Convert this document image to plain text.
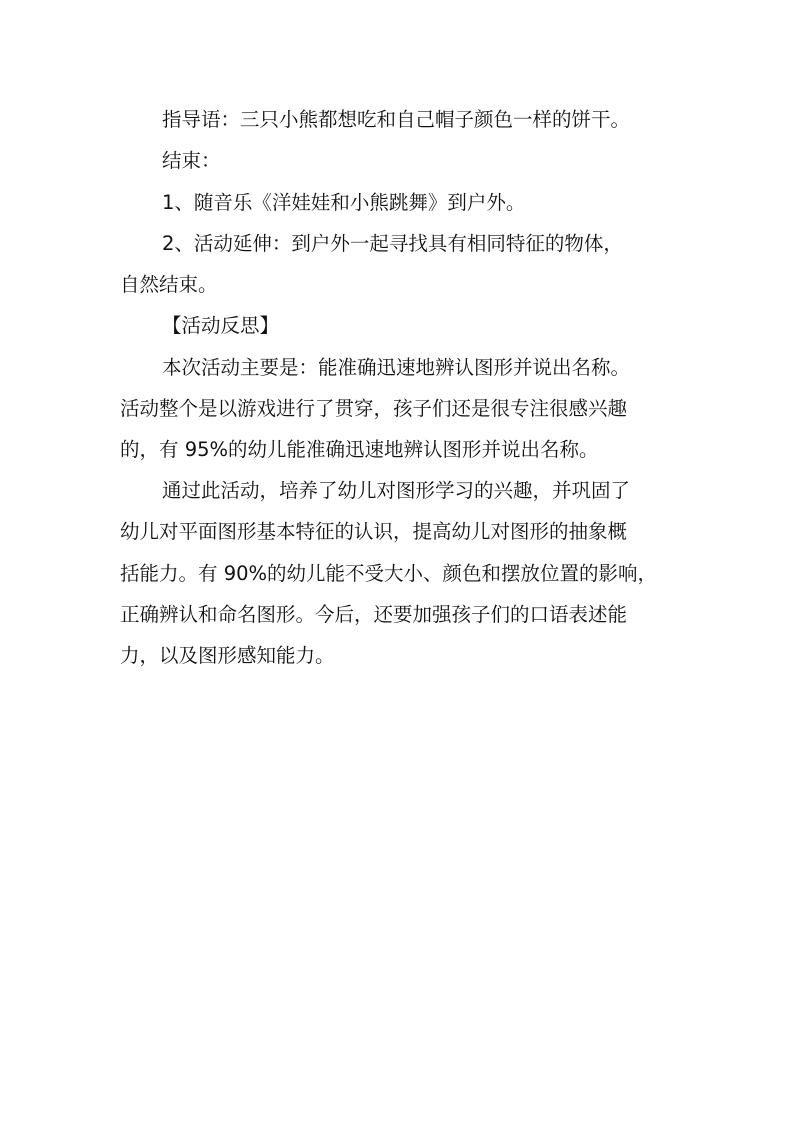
指导语：三只小熊都想吃和自己帽子颜色一样的饼干。
结束：
1、随音乐《洋娃娃和小熊跳舞》到户外。
2、活动延伸：到户外一起寻找具有相同特征的物体，
自然结束。
【活动反思】
本次活动主要是：能准确迅速地辨认图形并说出名称。
活动整个是以游戏进行了贯穿，孩子们还是很专注很感兴趣
的，有 95%的幼儿能准确迅速地辨认图形并说出名称。
通过此活动，培养了幼儿对图形学习的兴趣，并巩固了
幼儿对平面图形基本特征的认识，提高幼儿对图形的抽象概
括能力。有 90%的幼儿能不受大小、颜色和摆放位置的影响，
正确辨认和命名图形。今后，还要加强孩子们的口语表述能
力，以及图形感知能力。
